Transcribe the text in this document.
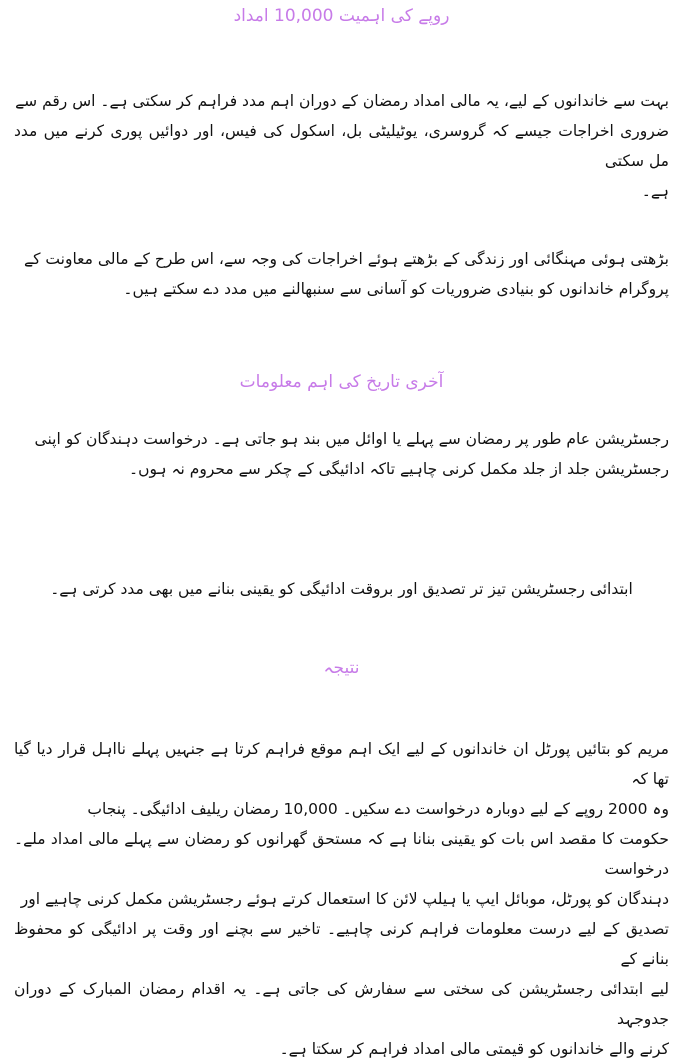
روپے کی اہمیت 10,000 امداد
بہت سے خاندانوں کے لیے، یہ مالی امداد رمضان کے دوران اہم مدد فراہم کر سکتی ہے۔ اس رقم سے
ضروری اخراجات جیسے کہ گروسری، یوٹیلیٹی بل، اسکول کی فیس، اور دوائیں پوری کرنے میں مدد مل سکتی
ہے۔
بڑھتی ہوئی مہنگائی اور زندگی کے بڑھتے ہوئے اخراجات کی وجہ سے، اس طرح کے مالی معاونت کے
پروگرام خاندانوں کو بنیادی ضروریات کو آسانی سے سنبھالنے میں مدد دے سکتے ہیں۔
آخری تاریخ کی اہم معلومات
رجسٹریشن عام طور پر رمضان سے پہلے یا اوائل میں بند ہو جاتی ہے۔ درخواست دہندگان کو اپنی
رجسٹریشن جلد از جلد مکمل کرنی چاہیے تاکہ ادائیگی کے چکر سے محروم نہ ہوں۔
ابتدائی رجسٹریشن تیز تر تصدیق اور بروقت ادائیگی کو یقینی بنانے میں بھی مدد کرتی ہے۔
نتیجہ
مریم کو بتائیں پورٹل ان خاندانوں کے لیے ایک اہم موقع فراہم کرتا ہے جنہیں پہلے نااہل قرار دیا گیا تھا کہ
وہ 2000 روپے کے لیے دوبارہ درخواست دے سکیں۔ 10,000 رمضان ریلیف ادائیگی۔ پنجاب
حکومت کا مقصد اس بات کو یقینی بنانا ہے کہ مستحق گھرانوں کو رمضان سے پہلے مالی امداد ملے۔ درخواست
دہندگان کو پورٹل، موبائل ایپ یا ہیلپ لائن کا استعمال کرتے ہوئے رجسٹریشن مکمل کرنی چاہیے اور
تصدیق کے لیے درست معلومات فراہم کرنی چاہیے۔ تاخیر سے بچنے اور وقت پر ادائیگی کو محفوظ بنانے کے
لیے ابتدائی رجسٹریشن کی سختی سے سفارش کی جاتی ہے۔ یہ اقدام رمضان المبارک کے دوران جدوجہد
کرنے والے خاندانوں کو قیمتی مالی امداد فراہم کر سکتا ہے۔
